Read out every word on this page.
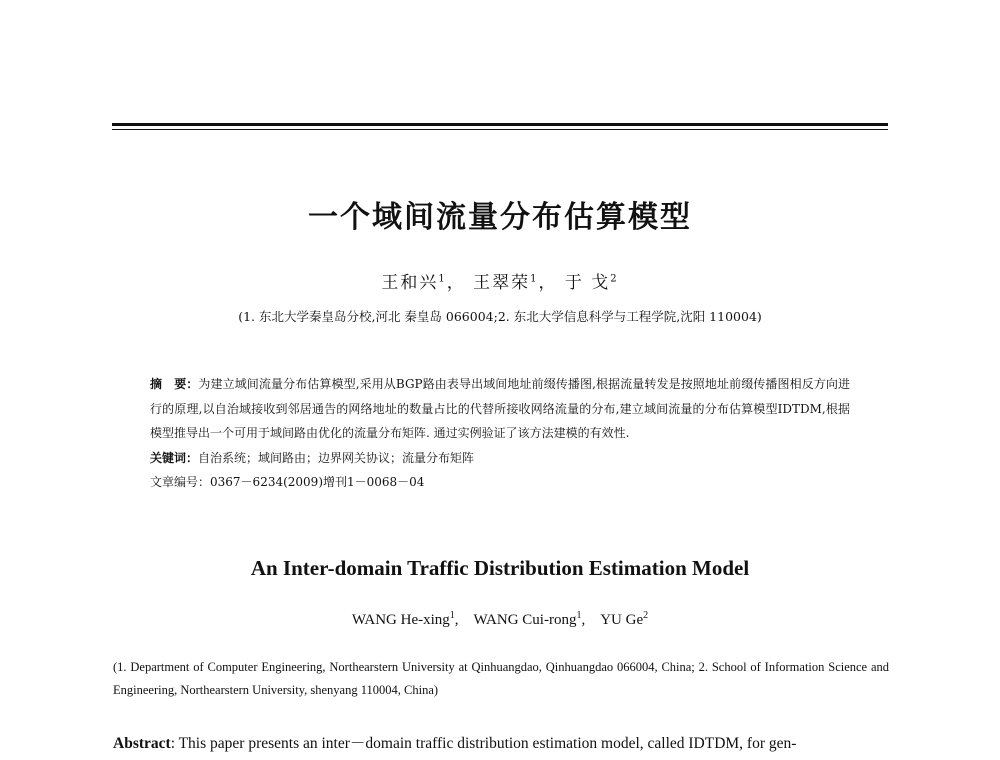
一个域间流量分布估算模型
王和兴$^1$， 王翠荣$^1$， 于 戈$^2$
(1. 东北大学秦皇岛分校,河北 秦皇岛 066004;2. 东北大学信息科学与工程学院,沈阳 110004)

摘　要：为建立域间流量分布估算模型,采用从BGP路由表导出域间地址前缀传播图,根据流量转发是按照地址前缀传播图相反方向进行的原理,以自治域接收到邻居通告的网络地址的数量占比的代替所接收网络流量的分布,建立域间流量的分布估算模型IDTDM,根据模型推导出一个可用于域间路由优化的流量分布矩阵. 通过实例验证了该方法建模的有效性.

关键词：自治系统；域间路由；边界网关协议；流量分布矩阵

文章编号：0367－6234(2009)增刊1－0068－04

An Inter-domain Traffic Distribution Estimation Model
WANG He-xing$^1$,　WANG Cui-rong$^1$,　YU Ge$^2$
(1. Department of Computer Engineering, Northearstern University at Qinhuangdao, Qinhuangdao 066004, China; 2. School of Information Science and Engineering, Northearstern University, shenyang 110004, China)
Abstract: This paper presents an inter－domain traffic distribution estimation model, called IDTDM, for gen-
